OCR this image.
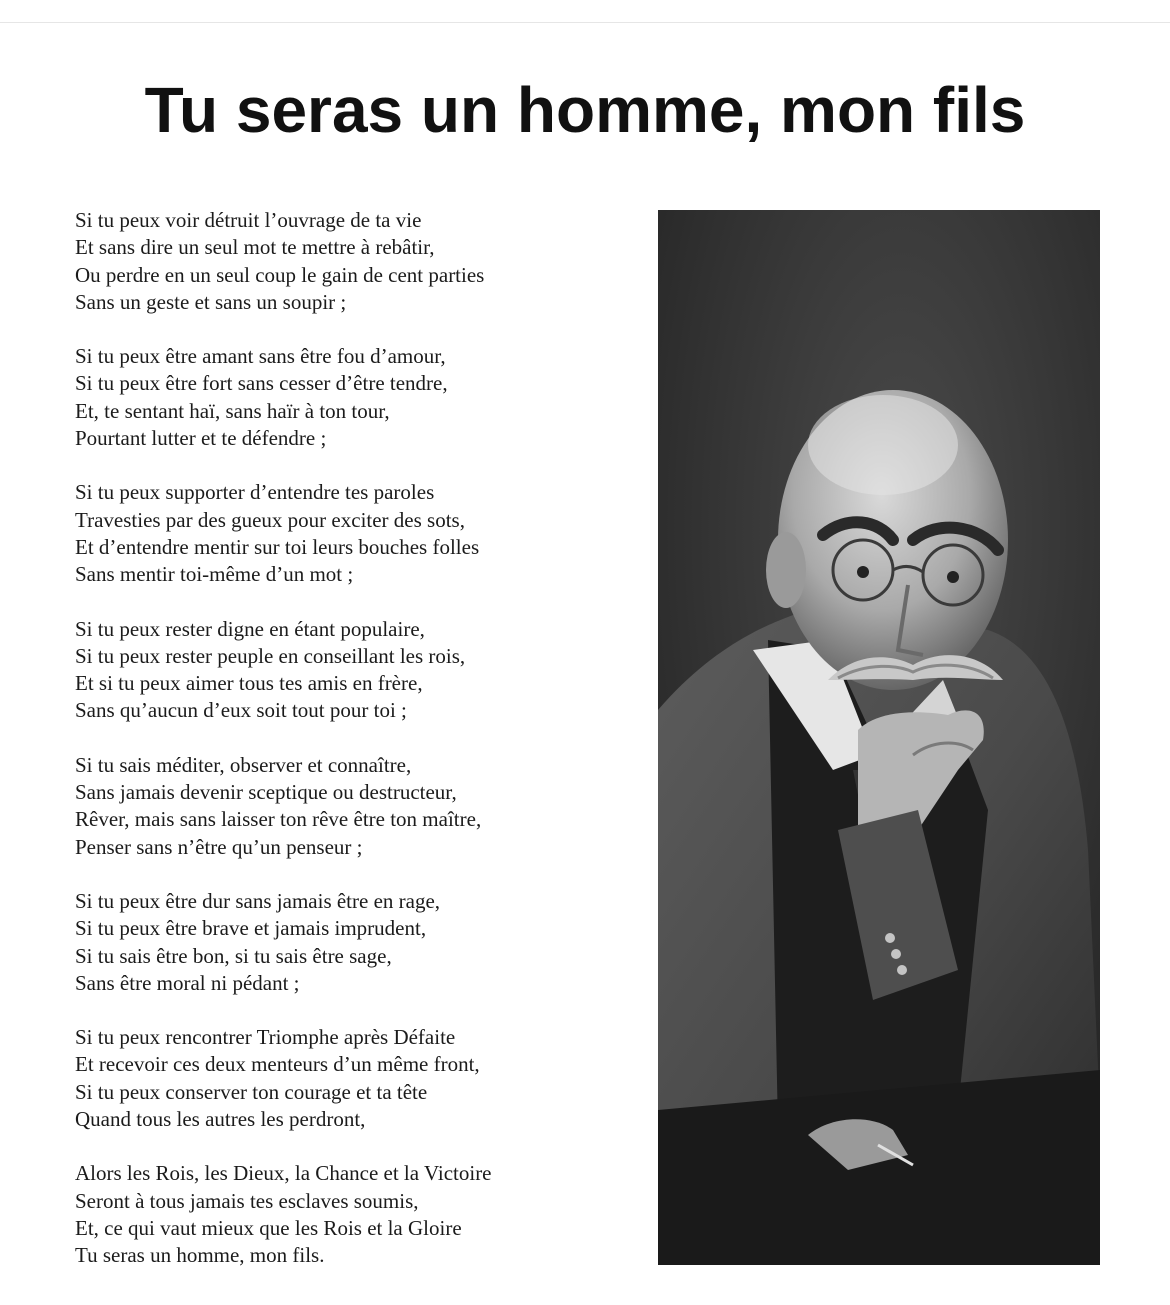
Tu seras un homme, mon fils
Si tu peux voir détruit l’ouvrage de ta vie
Et sans dire un seul mot te mettre à rebâtir,
Ou perdre en un seul coup le gain de cent parties
Sans un geste et sans un soupir ;
Si tu peux être amant sans être fou d’amour,
Si tu peux être fort sans cesser d’être tendre,
Et, te sentant haï, sans haïr à ton tour,
Pourtant lutter et te défendre ;
Si tu peux supporter d’entendre tes paroles
Travesties par des gueux pour exciter des sots,
Et d’entendre mentir sur toi leurs bouches folles
Sans mentir toi-même d’un mot ;
Si tu peux rester digne en étant populaire,
Si tu peux rester peuple en conseillant les rois,
Et si tu peux aimer tous tes amis en frère,
Sans qu’aucun d’eux soit tout pour toi ;
Si tu sais méditer, observer et connaître,
Sans jamais devenir sceptique ou destructeur,
Rêver, mais sans laisser ton rêve être ton maître,
Penser sans n’être qu’un penseur ;
Si tu peux être dur sans jamais être en rage,
Si tu peux être brave et jamais imprudent,
Si tu sais être bon, si tu sais être sage,
Sans être moral ni pédant ;
Si tu peux rencontrer Triomphe après Défaite
Et recevoir ces deux menteurs d’un même front,
Si tu peux conserver ton courage et ta tête
Quand tous les autres les perdront,
Alors les Rois, les Dieux, la Chance et la Victoire
Seront à tous jamais tes esclaves soumis,
Et, ce qui vaut mieux que les Rois et la Gloire
Tu seras un homme, mon fils.
